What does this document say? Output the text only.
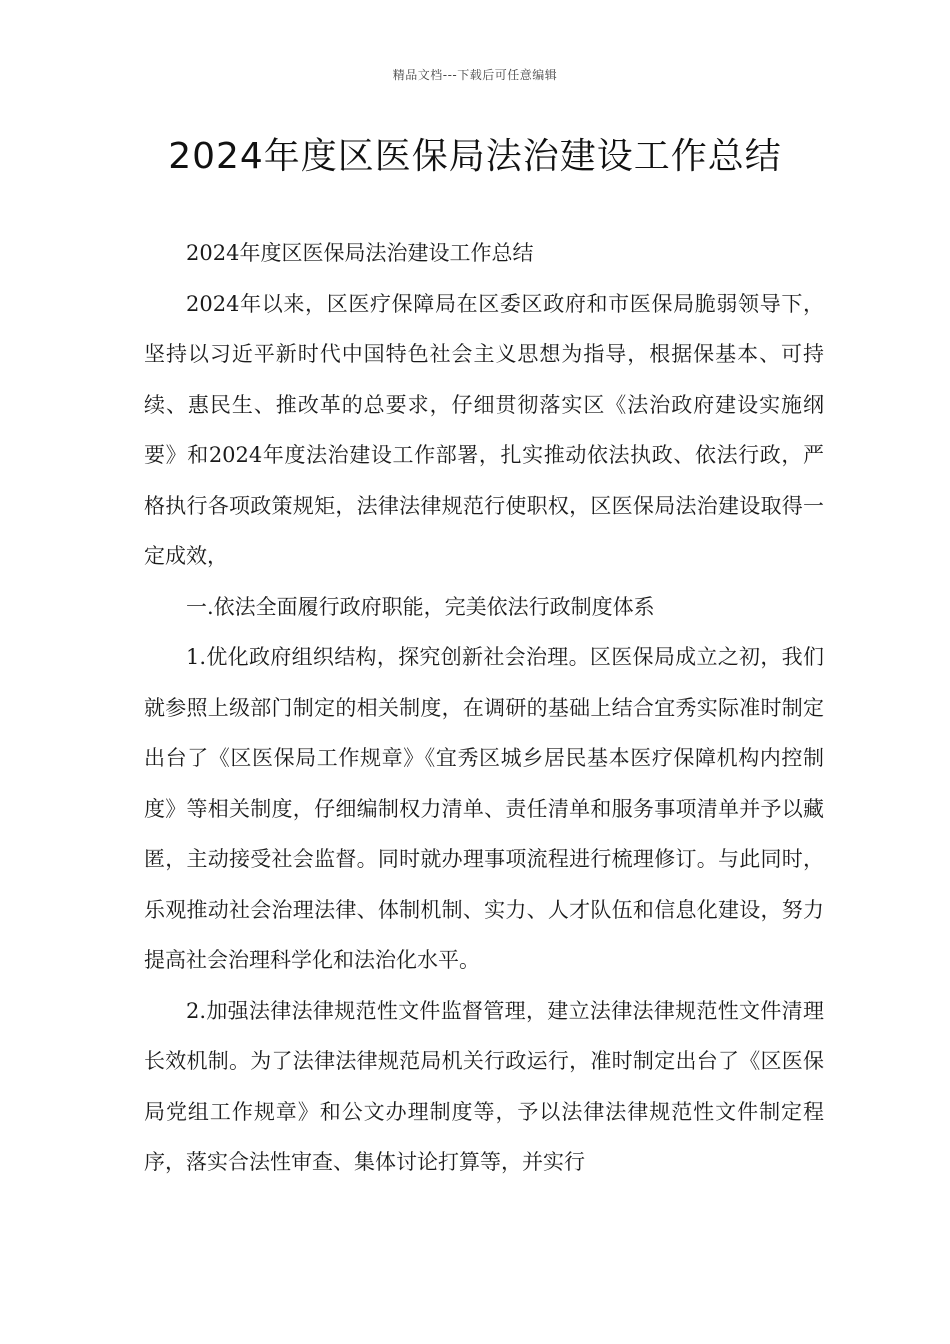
精品文档---下载后可任意编辑
2024年度区医保局法治建设工作总结

2024年度区医保局法治建设工作总结

2024年以来，区医疗保障局在区委区政府和市医保局脆弱领导下，坚持以习近平新时代中国特色社会主义思想为指导，根据保基本、可持续、惠民生、推改革的总要求，仔细贯彻落实区《法治政府建设实施纲要》和2024年度法治建设工作部署，扎实推动依法执政、依法行政，严格执行各项政策规矩，法律法律规范行使职权，区医保局法治建设取得一定成效，

一.依法全面履行政府职能，完美依法行政制度体系

1.优化政府组织结构，探究创新社会治理。区医保局成立之初，我们就参照上级部门制定的相关制度，在调研的基础上结合宜秀实际准时制定出台了《区医保局工作规章》《宜秀区城乡居民基本医疗保障机构内控制度》等相关制度，仔细编制权力清单、责任清单和服务事项清单并予以藏匿，主动接受社会监督。同时就办理事项流程进行梳理修订。与此同时，乐观推动社会治理法律、体制机制、实力、人才队伍和信息化建设，努力提高社会治理科学化和法治化水平。

2.加强法律法律规范性文件监督管理，建立法律法律规范性文件清理长效机制。为了法律法律规范局机关行政运行，准时制定出台了《区医保局党组工作规章》和公文办理制度等，予以法律法律规范性文件制定程序，落实合法性审查、集体讨论打算等，并实行
